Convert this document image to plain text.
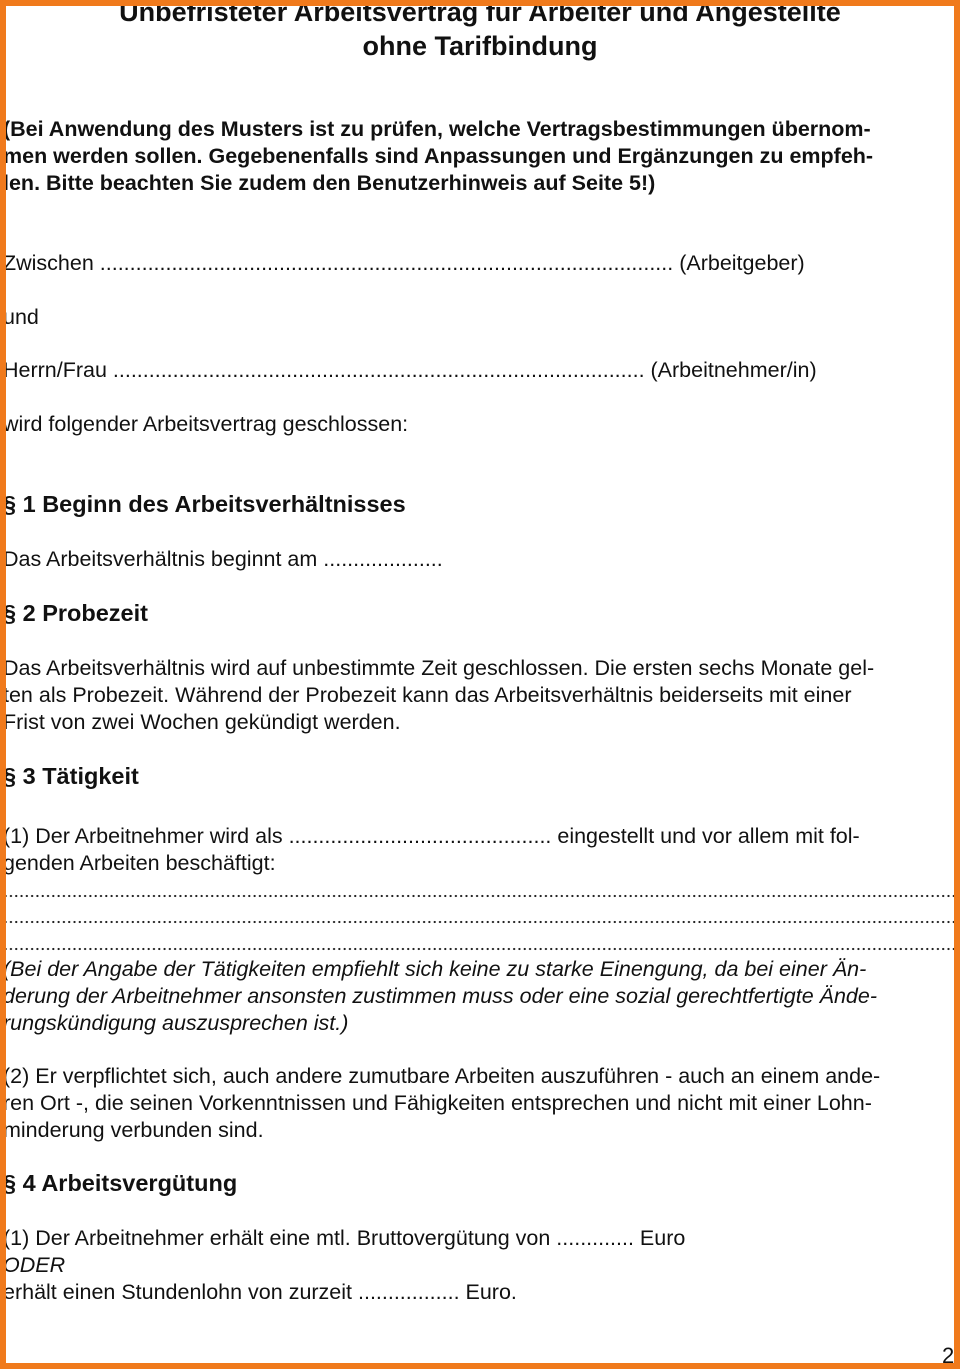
Unbefristeter Arbeitsvertrag für Arbeiter und Angestellte
ohne Tarifbindung
(Bei Anwendung des Musters ist zu prüfen, welche Vertragsbestimmungen übernom-
men werden sollen. Gegebenenfalls sind Anpassungen und Ergänzungen zu empfeh-
len. Bitte beachten Sie zudem den Benutzerhinweis auf Seite 5!)
Zwischen ................................................................................................ (Arbeitgeber)
und
Herrn/Frau ......................................................................................... (Arbeitnehmer/in)
wird folgender Arbeitsvertrag geschlossen:
§ 1 Beginn des Arbeitsverhältnisses
Das Arbeitsverhältnis beginnt am ....................
§ 2 Probezeit
Das Arbeitsverhältnis wird auf unbestimmte Zeit geschlossen. Die ersten sechs Monate gel-
ten als Probezeit. Während der Probezeit kann das Arbeitsverhältnis beiderseits mit einer
Frist von zwei Wochen gekündigt werden.
§ 3 Tätigkeit
(1) Der Arbeitnehmer wird als ............................................ eingestellt und vor allem mit fol-
genden Arbeiten beschäftigt:
(Bei der Angabe der Tätigkeiten empfiehlt sich keine zu starke Einengung, da bei einer Än-
derung der Arbeitnehmer ansonsten zustimmen muss oder eine sozial gerechtfertigte Ände-
rungskündigung auszusprechen ist.)
(2) Er verpflichtet sich, auch andere zumutbare Arbeiten auszuführen - auch an einem ande-
ren Ort -, die seinen Vorkenntnissen und Fähigkeiten entsprechen und nicht mit einer Lohn-
minderung verbunden sind.
§ 4 Arbeitsvergütung
(1) Der Arbeitnehmer erhält eine mtl. Bruttovergütung von ............. Euro
ODER
erhält einen Stundenlohn von zurzeit ................. Euro.
2
